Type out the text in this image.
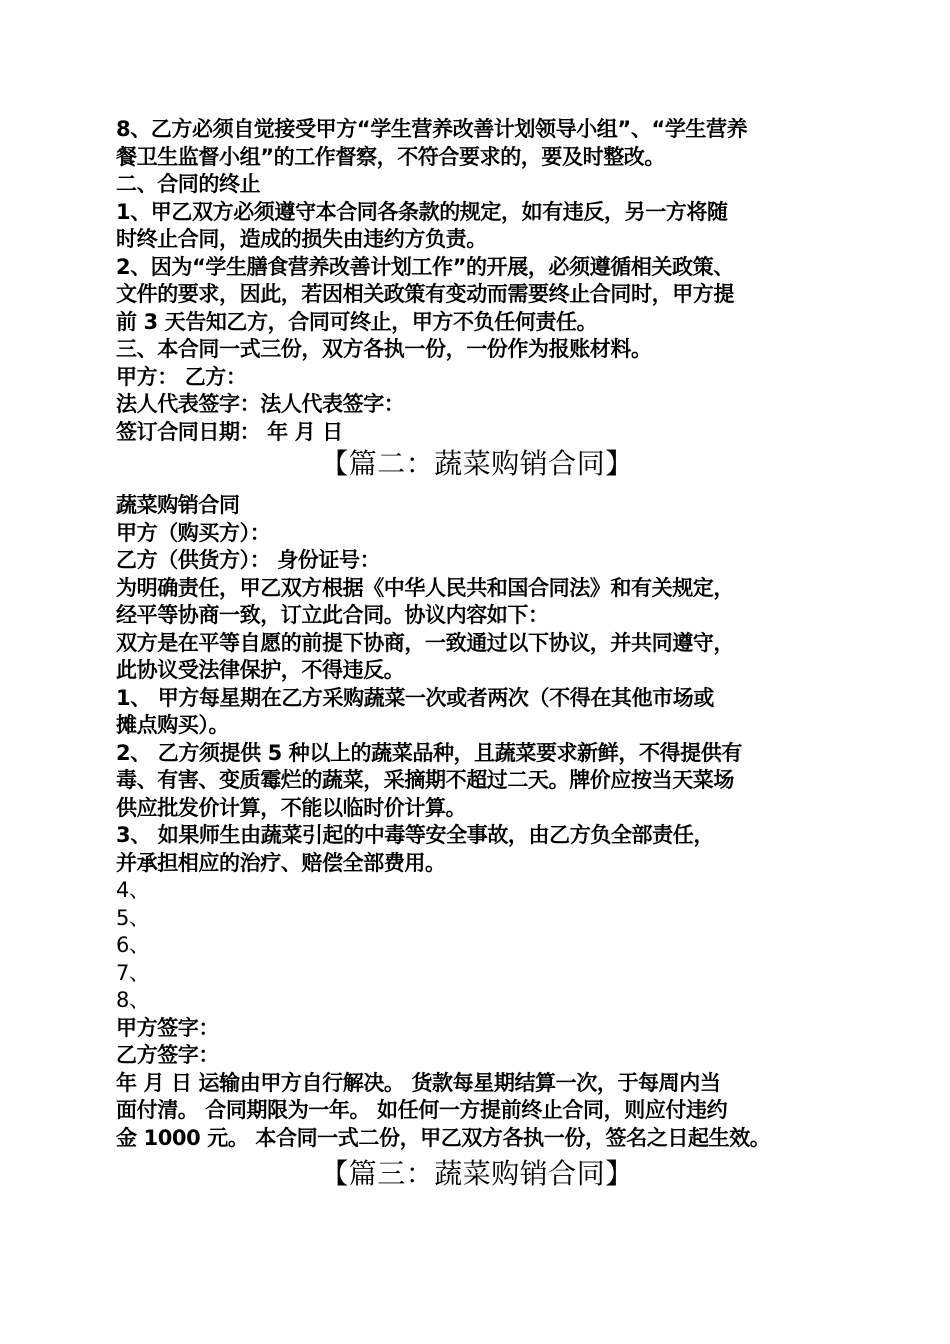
8、乙方必须自觉接受甲方“学生营养改善计划领导小组”、“学生营养
餐卫生监督小组”的工作督察，不符合要求的，要及时整改。
二、合同的终止
1、甲乙双方必须遵守本合同各条款的规定，如有违反，另一方将随
时终止合同，造成的损失由违约方负责。
2、因为“学生膳食营养改善计划工作”的开展，必须遵循相关政策、
文件的要求，因此，若因相关政策有变动而需要终止合同时，甲方提
前 3 天告知乙方，合同可终止，甲方不负任何责任。
三、本合同一式三份，双方各执一份，一份作为报账材料。
甲方： 乙方：
法人代表签字：法人代表签字：
签订合同日期： 年 月 日
【篇二：蔬菜购销合同】
蔬菜购销合同
甲方（购买方）：
乙方（供货方）： 身份证号：
为明确责任，甲乙双方根据《中华人民共和国合同法》和有关规定，
经平等协商一致，订立此合同。协议内容如下：
双方是在平等自愿的前提下协商，一致通过以下协议，并共同遵守，
此协议受法律保护，不得违反。
1、 甲方每星期在乙方采购蔬菜一次或者两次（不得在其他市场或
摊点购买）。
2、 乙方须提供 5 种以上的蔬菜品种，且蔬菜要求新鲜，不得提供有
毒、有害、变质霉烂的蔬菜，采摘期不超过二天。牌价应按当天菜场
供应批发价计算，不能以临时价计算。
3、 如果师生由蔬菜引起的中毒等安全事故，由乙方负全部责任，
并承担相应的治疗、赔偿全部费用。
4、
5、
6、
7、
8、
甲方签字：
乙方签字：
年 月 日 运输由甲方自行解决。 货款每星期结算一次，于每周内当
面付清。 合同期限为一年。 如任何一方提前终止合同，则应付违约
金 1000 元。 本合同一式二份，甲乙双方各执一份，签名之日起生效。
【篇三：蔬菜购销合同】
